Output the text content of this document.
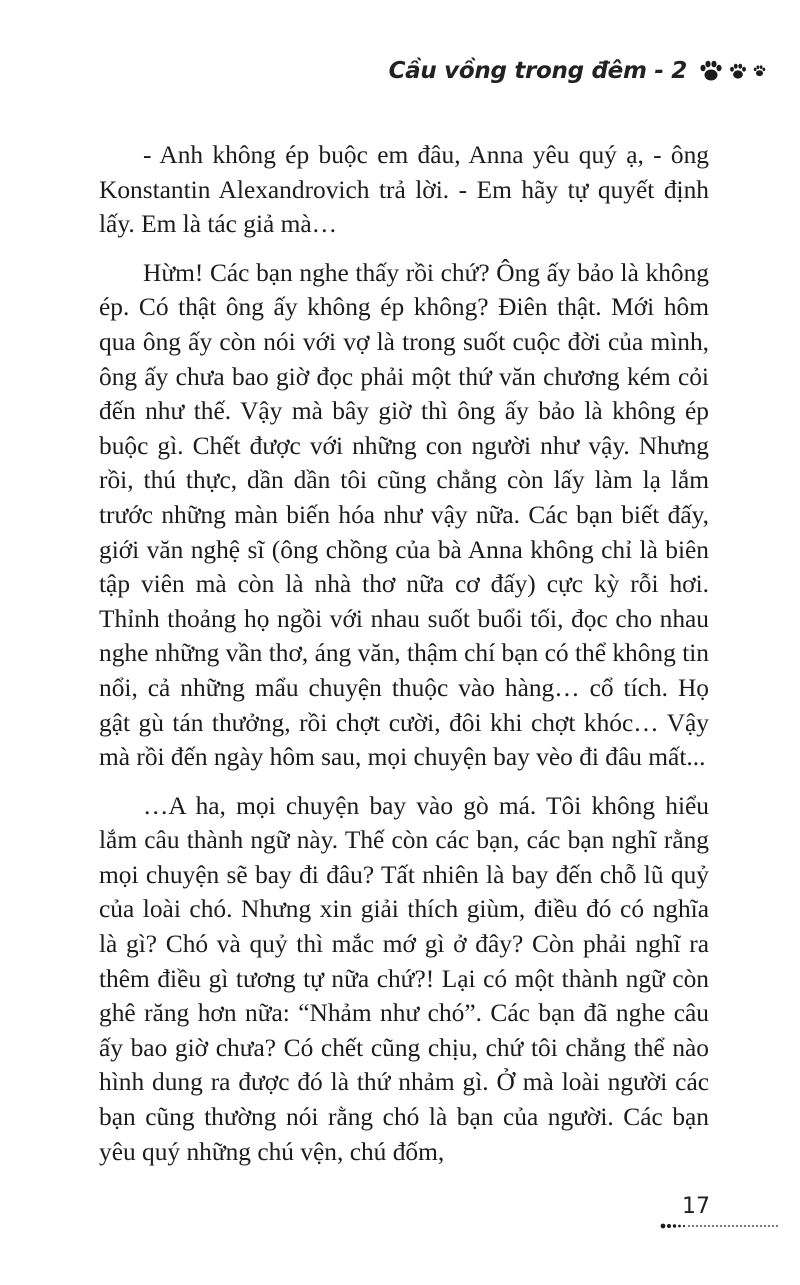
Cầu vồng trong đêm - 2

- Anh không ép buộc em đâu, Anna yêu quý ạ, - ông Konstantin Alexandrovich trả lời. - Em hãy tự quyết định lấy. Em là tác giả mà…

Hừm! Các bạn nghe thấy rồi chứ? Ông ấy bảo là không ép. Có thật ông ấy không ép không? Điên thật. Mới hôm qua ông ấy còn nói với vợ là trong suốt cuộc đời của mình, ông ấy chưa bao giờ đọc phải một thứ văn chương kém cỏi đến như thế. Vậy mà bây giờ thì ông ấy bảo là không ép buộc gì. Chết được với những con người như vậy. Nhưng rồi, thú thực, dần dần tôi cũng chẳng còn lấy làm lạ lắm trước những màn biến hóa như vậy nữa. Các bạn biết đấy, giới văn nghệ sĩ (ông chồng của bà Anna không chỉ là biên tập viên mà còn là nhà thơ nữa cơ đấy) cực kỳ rỗi hơi. Thỉnh thoảng họ ngồi với nhau suốt buổi tối, đọc cho nhau nghe những vần thơ, áng văn, thậm chí bạn có thể không tin nổi, cả những mẩu chuyện thuộc vào hàng… cổ tích. Họ gật gù tán thưởng, rồi chợt cười, đôi khi chợt khóc… Vậy mà rồi đến ngày hôm sau, mọi chuyện bay vèo đi đâu mất...

…A ha, mọi chuyện bay vào gò má. Tôi không hiểu lắm câu thành ngữ này. Thế còn các bạn, các bạn nghĩ rằng mọi chuyện sẽ bay đi đâu? Tất nhiên là bay đến chỗ lũ quỷ của loài chó. Nhưng xin giải thích giùm, điều đó có nghĩa là gì? Chó và quỷ thì mắc mớ gì ở đây? Còn phải nghĩ ra thêm điều gì tương tự nữa chứ?! Lại có một thành ngữ còn ghê răng hơn nữa: “Nhảm như chó”. Các bạn đã nghe câu ấy bao giờ chưa? Có chết cũng chịu, chứ tôi chẳng thể nào hình dung ra được đó là thứ nhảm gì. Ở mà loài người các bạn cũng thường nói rằng chó là bạn của người. Các bạn yêu quý những chú vện, chú đốm,

17
